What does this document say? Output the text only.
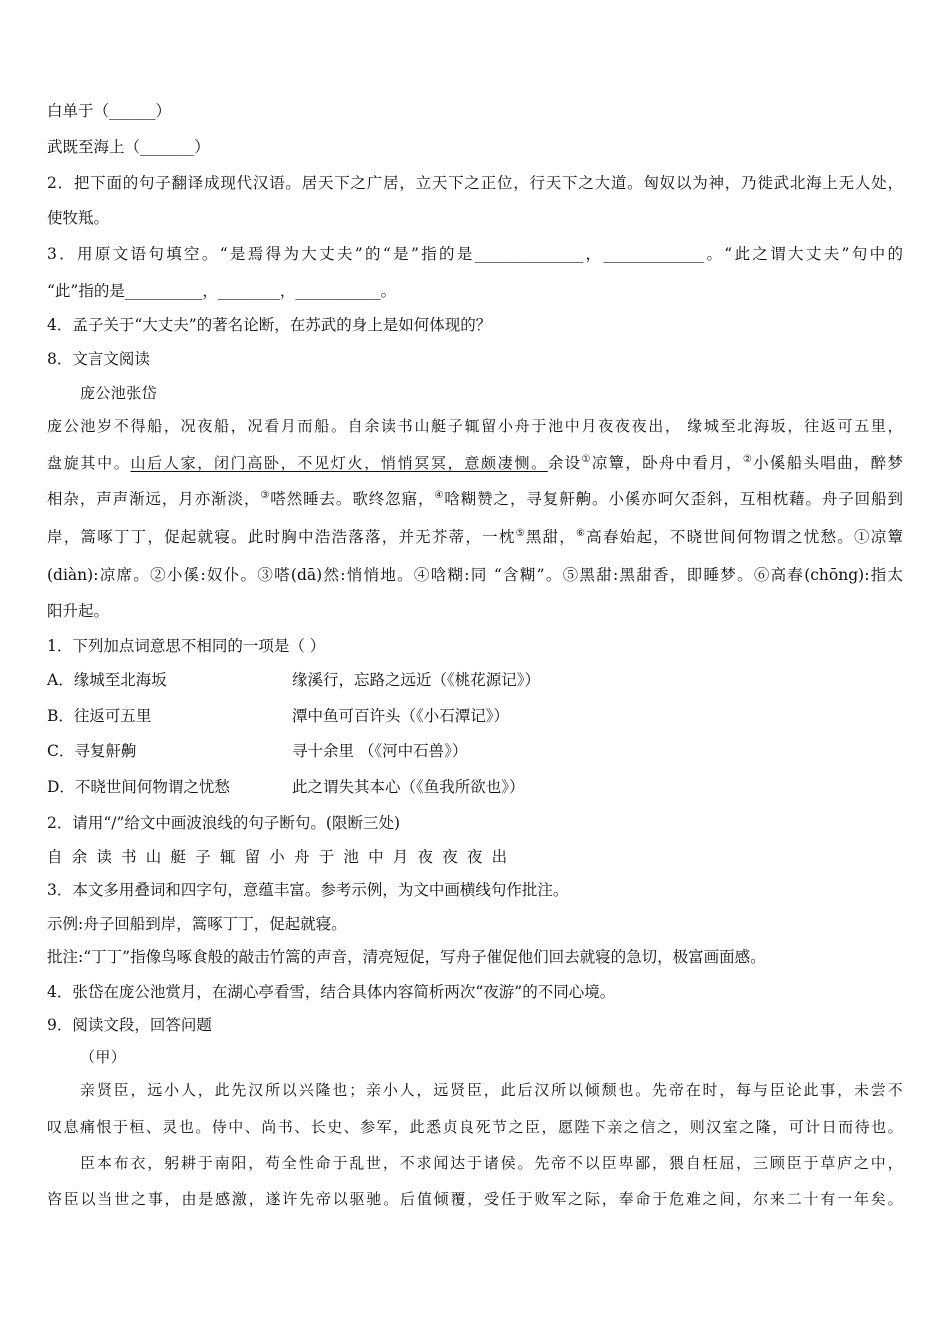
白单于（______）
武既至海上（_______）
2．把下面的句子翻译成现代汉语。居天下之广居，立天下之正位，行天下之大道。匈奴以为神，乃徙武北海上无人处，
使牧羝。
3．用原文语句填空。“是焉得为大丈夫”的“是”指的是______________，_____________。“此之谓大丈夫”句中的
“此”指的是__________，________，___________。
4．孟子关于“大丈夫”的著名论断，在苏武的身上是如何体现的？
8．文言文阅读
庞公池张岱
庞公池岁不得船，况夜船，况看月而船。自余读书山艇子辄留小舟于池中月夜夜夜出， 缘城至北海坂，往返可五里，
盘旋其中。山后人家，闭门高卧，不见灯火，悄悄冥冥，意颇凄恻。余设①凉簟，卧舟中看月，②小傒船头唱曲，醉梦
相杂，声声渐远，月亦渐淡，③嗒然睡去。歌终忽寤，④唅糊赞之，寻复鼾齁。小傒亦呵欠歪斜，互相枕藉。舟子回船到
岸，篙啄丁丁，促起就寝。此时胸中浩浩落落，并无芥蒂，一枕⑤黑甜，⑥高春始起，不晓世间何物谓之忧愁。①凉簟
(diàn):凉席。②小傒:奴仆。③嗒(dā)然:悄悄地。④唅糊:同 “含糊”。⑤黑甜:黑甜香，即睡梦。⑥高春(chōng):指太
阳升起。
1．下列加点词意思不相同的一项是（ ）
A．缘城至北海坂	缘溪行，忘路之远近（《桃花源记》）
B．往返可五里	潭中鱼可百许头（《小石潭记》）
C．寻复鼾齁	寻十余里 （《河中石兽》）
D．不晓世间何物谓之忧愁	此之谓失其本心（《鱼我所欲也》）
2．请用“/”给文中画波浪线的句子断句。(限断三处)
自余读书山艇子辄留小舟于池中月夜夜夜出
3．本文多用叠词和四字句，意蕴丰富。参考示例，为文中画横线句作批注。
示例:舟子回船到岸，篙啄丁丁，促起就寝。
批注:“丁丁”指像鸟啄食般的敲击竹篙的声音，清亮短促，写舟子催促他们回去就寝的急切，极富画面感。
4．张岱在庞公池赏月，在湖心亭看雪，结合具体内容简析两次“夜游”的不同心境。
9．阅读文段，回答问题
（甲）
亲贤臣，远小人，此先汉所以兴隆也；亲小人，远贤臣，此后汉所以倾颓也。先帝在时，每与臣论此事，未尝不
叹息痛恨于桓、灵也。侍中、尚书、长史、参军，此悉贞良死节之臣，愿陛下亲之信之，则汉室之隆，可计日而待也。
臣本布衣，躬耕于南阳，苟全性命于乱世，不求闻达于诸侯。先帝不以臣卑鄙，猥自枉屈，三顾臣于草庐之中，
咨臣以当世之事，由是感激，遂许先帝以驱驰。后值倾覆，受任于败军之际，奉命于危难之间，尔来二十有一年矣。
